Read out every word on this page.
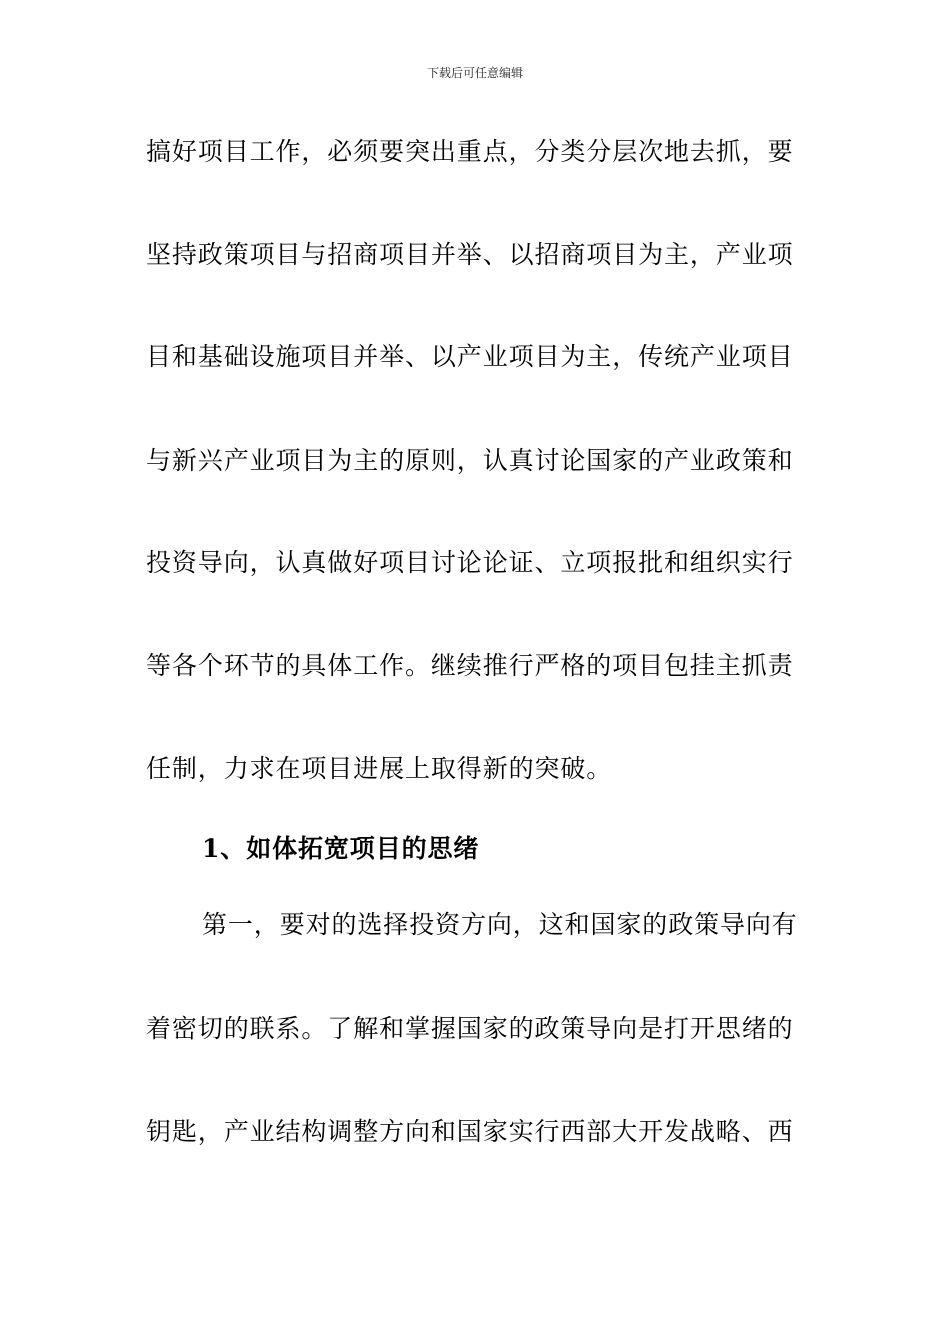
下载后可任意编辑
搞好项目工作，必须要突出重点，分类分层次地去抓，要
坚持政策项目与招商项目并举、以招商项目为主，产业项
目和基础设施项目并举、以产业项目为主，传统产业项目
与新兴产业项目为主的原则，认真讨论国家的产业政策和
投资导向，认真做好项目讨论论证、立项报批和组织实行
等各个环节的具体工作。继续推行严格的项目包挂主抓责
任制，力求在项目进展上取得新的突破。
1、如体拓宽项目的思绪
第一，要对的选择投资方向，这和国家的政策导向有
着密切的联系。了解和掌握国家的政策导向是打开思绪的
钥匙，产业结构调整方向和国家实行西部大开发战略、西
